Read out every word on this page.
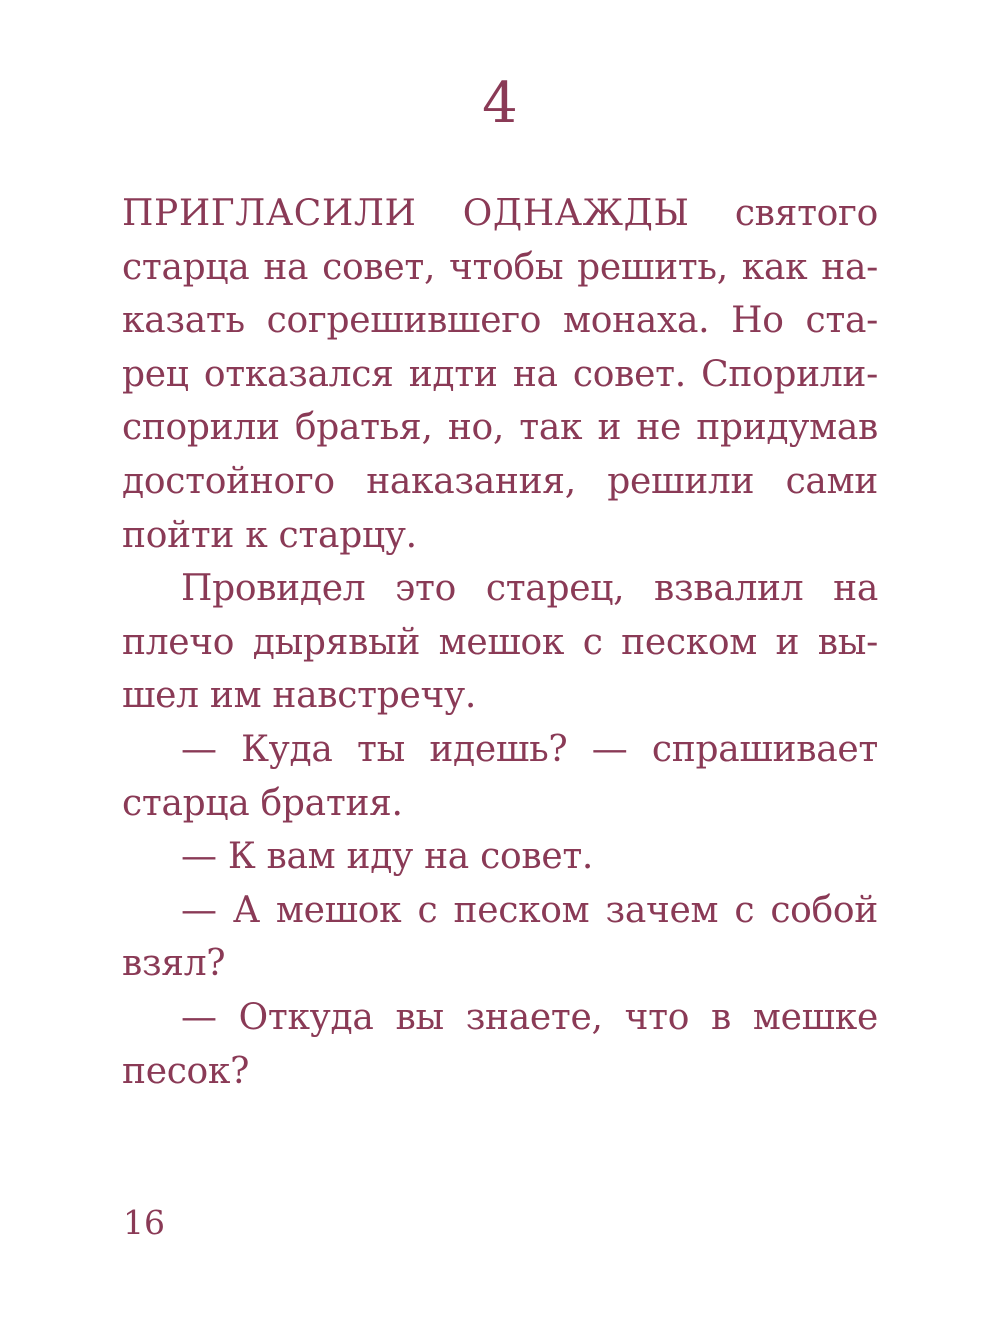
4
ПРИГЛАСИЛИ ОДНАЖДЫ святого
старца на совет, чтобы решить, как на-
казать согрешившего монаха. Но ста-
рец отказался идти на совет. Спорили-
спорили братья, но, так и не придумав
достойного наказания, решили сами
пойти к старцу.
Провидел это старец, взвалил на
плечо дырявый мешок с песком и вы-
шел им навстречу.
— Куда ты идешь? — спрашивает
старца братия.
— К вам иду на совет.
— А мешок с песком зачем с собой
взял?
— Откуда вы знаете, что в мешке
песок?
16
